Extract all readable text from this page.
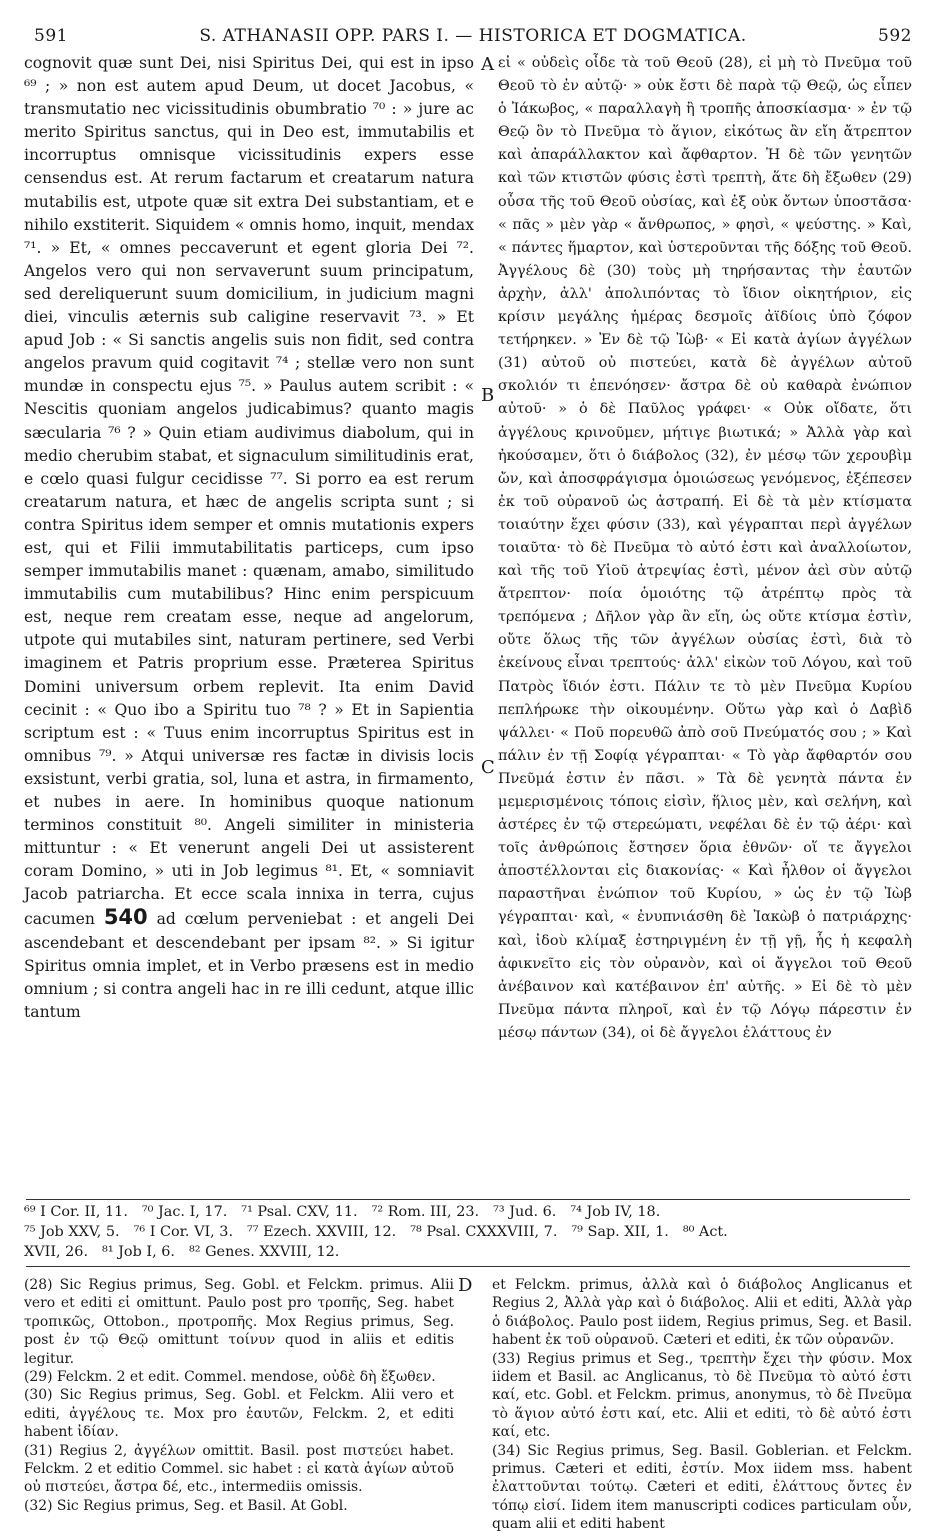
591	S. ATHANASII OPP. PARS I. — HISTORICA ET DOGMATICA.	592

cognovit quæ sunt Dei, nisi Spiritus Dei, qui est in ipso ⁶⁹ ; » non est autem apud Deum, ut docet Jacobus, « transmutatio nec vicissitudinis obumbratio ⁷⁰ : » jure ac merito Spiritus sanctus, qui in Deo est, immutabilis et incorruptus omnisque vicissitudinis expers esse censendus est. At rerum factarum et creatarum natura mutabilis est, utpote quæ sit extra Dei substantiam, et e nihilo exstiterit. Siquidem « omnis homo, inquit, mendax ⁷¹. » Et, « omnes peccaverunt et egent gloria Dei ⁷². Angelos vero qui non servaverunt suum principatum, sed dereliquerunt suum domicilium, in judicium magni diei, vinculis æternis sub caligine reservavit ⁷³. » Et apud Job : « Si sanctis angelis suis non fidit, sed contra angelos pravum quid cogitavit ⁷⁴ ; stellæ vero non sunt mundæ in conspectu ejus ⁷⁵. » Paulus autem scribit : « Nescitis quoniam angelos judicabimus? quanto magis sæcularia ⁷⁶ ? » Quin etiam audivimus diabolum, qui in medio cherubim stabat, et signaculum similitudinis erat, e cœlo quasi fulgur cecidisse ⁷⁷. Si porro ea est rerum creatarum natura, et hæc de angelis scripta sunt ; si contra Spiritus idem semper et omnis mutationis expers est, qui et Filii immutabilitatis particeps, cum ipso semper immutabilis manet : quænam, amabo, similitudo immutabilis cum mutabilibus? Hinc enim perspicuum est, neque rem creatam esse, neque ad angelorum, utpote qui mutabiles sint, naturam pertinere, sed Verbi imaginem et Patris proprium esse. Præterea Spiritus Domini universum orbem replevit. Ita enim David cecinit : « Quo ibo a Spiritu tuo ⁷⁸ ? » Et in Sapientia scriptum est : « Tuus enim incorruptus Spiritus est in omnibus ⁷⁹. » Atqui universæ res factæ in divisis locis exsistunt, verbi gratia, sol, luna et astra, in firmamento, et nubes in aere. In hominibus quoque nationum terminos constituit ⁸⁰. Angeli similiter in ministeria mittuntur : « Et venerunt angeli Dei ut assisterent coram Domino, » uti in Job legimus ⁸¹. Et, « somniavit Jacob patriarcha. Et ecce scala innixa in terra, cujus cacumen 540 ad cœlum perveniebat : et angeli Dei ascendebant et descendebant per ipsam ⁸². » Si igitur Spiritus omnia implet, et in Verbo præsens est in medio omnium ; si contra angeli hac in re illi cedunt, atque illic tantum

A
B
C

εἰ « οὐδεὶς οἶδε τὰ τοῦ Θεοῦ (28), εἰ μὴ τὸ Πνεῦμα τοῦ Θεοῦ τὸ ἐν αὐτῷ· » οὐκ ἔστι δὲ παρὰ τῷ Θεῷ, ὡς εἶπεν ὁ Ἰάκωβος, « παραλλαγὴ ἢ τροπῆς ἀποσκίασμα· » ἐν τῷ Θεῷ ὂν τὸ Πνεῦμα τὸ ἅγιον, εἰκότως ἂν εἴη ἄτρεπτον καὶ ἀπαράλλακτον καὶ ἄφθαρτον. Ἡ δὲ τῶν γενητῶν καὶ τῶν κτιστῶν φύσις ἐστὶ τρεπτὴ, ἅτε δὴ ἔξωθεν (29) οὖσα τῆς τοῦ Θεοῦ οὐσίας, καὶ ἐξ οὐκ ὄντων ὑποστᾶσα· « πᾶς » μὲν γὰρ « ἄνθρωπος, » φησὶ, « ψεύστης. » Καὶ, « πάντες ἥμαρτον, καὶ ὑστεροῦνται τῆς δόξης τοῦ Θεοῦ. Ἀγγέλους δὲ (30) τοὺς μὴ τηρήσαντας τὴν ἑαυτῶν ἀρχὴν, ἀλλ' ἀπολιπόντας τὸ ἴδιον οἰκητήριον, εἰς κρίσιν μεγάλης ἡμέρας δεσμοῖς ἀϊδίοις ὑπὸ ζόφον τετήρηκεν. » Ἐν δὲ τῷ Ἰὼβ· « Εἰ κατὰ ἁγίων ἀγγέλων (31) αὐτοῦ οὐ πιστεύει, κατὰ δὲ ἀγγέλων αὐτοῦ σκολιόν τι ἐπενόησεν· ἄστρα δὲ οὐ καθαρὰ ἐνώπιον αὐτοῦ· » ὁ δὲ Παῦλος γράφει· « Οὐκ οἴδατε, ὅτι ἀγγέλους κρινοῦμεν, μήτιγε βιωτικά; » Ἀλλὰ γὰρ καὶ ἠκούσαμεν, ὅτι ὁ διάβολος (32), ἐν μέσῳ τῶν χερουβὶμ ὤν, καὶ ἀποσφράγισμα ὁμοιώσεως γενόμενος, ἐξέπεσεν ἐκ τοῦ οὐρανοῦ ὡς ἀστραπή. Εἰ δὲ τὰ μὲν κτίσματα τοιαύτην ἔχει φύσιν (33), καὶ γέγραπται περὶ ἀγγέλων τοιαῦτα· τὸ δὲ Πνεῦμα τὸ αὐτό ἐστι καὶ ἀναλλοίωτον, καὶ τῆς τοῦ Υἱοῦ ἀτρεψίας ἐστὶ, μένον ἀεὶ σὺν αὐτῷ ἄτρεπτον· ποία ὁμοιότης τῷ ἀτρέπτῳ πρὸς τὰ τρεπόμενα ; Δῆλον γὰρ ἂν εἴη, ὡς οὔτε κτίσμα ἐστὶν, οὔτε ὅλως τῆς τῶν ἀγγέλων οὐσίας ἐστὶ, διὰ τὸ ἐκείνους εἶναι τρεπτούς· ἀλλ' εἰκὼν τοῦ Λόγου, καὶ τοῦ Πατρὸς ἴδιόν ἐστι. Πάλιν τε τὸ μὲν Πνεῦμα Κυρίου πεπλήρωκε τὴν οἰκουμένην. Οὕτω γὰρ καὶ ὁ Δαβὶδ ψάλλει· « Ποῦ πορευθῶ ἀπὸ σοῦ Πνεύματός σου ; » Καὶ πάλιν ἐν τῇ Σοφίᾳ γέγραπται· « Τὸ γὰρ ἄφθαρτόν σου Πνεῦμά ἐστιν ἐν πᾶσι. » Τὰ δὲ γενητὰ πάντα ἐν μεμερισμένοις τόποις εἰσὶν, ἥλιος μὲν, καὶ σελήνη, καὶ ἀστέρες ἐν τῷ στερεώματι, νεφέλαι δὲ ἐν τῷ ἀέρι· καὶ τοῖς ἀνθρώποις ἔστησεν ὅρια ἐθνῶν· οἵ τε ἄγγελοι ἀποστέλλονται εἰς διακονίας· « Καὶ ἦλθον οἱ ἄγγελοι παραστῆναι ἐνώπιον τοῦ Κυρίου, » ὡς ἐν τῷ Ἰὼβ γέγραπται· καὶ, « ἐνυπνιάσθη δὲ Ἰακὼβ ὁ πατριάρχης· καὶ, ἰδοὺ κλίμαξ ἐστηριγμένη ἐν τῇ γῇ, ἧς ἡ κεφαλὴ ἀφικνεῖτο εἰς τὸν οὐρανὸν, καὶ οἱ ἄγγελοι τοῦ Θεοῦ ἀνέβαινον καὶ κατέβαινον ἐπ' αὐτῆς. » Εἰ δὲ τὸ μὲν Πνεῦμα πάντα πληροῖ, καὶ ἐν τῷ Λόγῳ πάρεστιν ἐν μέσῳ πάντων (34), οἱ δὲ ἄγγελοι ἐλάττους ἐν

⁶⁹ I Cor. II, 11. ⁷⁰ Jac. I, 17. ⁷¹ Psal. CXV, 11. ⁷² Rom. III, 23. ⁷³ Jud. 6. ⁷⁴ Job IV, 18.
⁷⁵ Job XXV, 5. ⁷⁶ I Cor. VI, 3. ⁷⁷ Ezech. XXVIII, 12. ⁷⁸ Psal. CXXXVIII, 7. ⁷⁹ Sap. XII, 1. ⁸⁰ Act.
XVII, 26. ⁸¹ Job I, 6. ⁸² Genes. XXVIII, 12.
D

(28) Sic Regius primus, Seg. Gobl. et Felckm. primus. Alii vero et editi εἰ omittunt. Paulo post pro τροπῆς, Seg. habet τροπικῶς, Ottobon., προτροπῆς. Mox Regius primus, Seg. post ἐν τῷ Θεῷ omittunt τοίνυν quod in aliis et editis legitur.

(29) Felckm. 2 et edit. Commel. mendose, οὐδὲ δὴ ἔξωθεν.

(30) Sic Regius primus, Seg. Gobl. et Felckm. Alii vero et editi, ἀγγέλους τε. Mox pro ἑαυτῶν, Felckm. 2, et editi habent ἰδίαν.

(31) Regius 2, ἀγγέλων omittit. Basil. post πιστεύει habet. Felckm. 2 et editio Commel. sic habet : εἰ κατὰ ἁγίων αὐτοῦ οὐ πιστεύει, ἄστρα δέ, etc., intermediis omissis.

(32) Sic Regius primus, Seg. et Basil. At Gobl.

et Felckm. primus, ἀλλὰ καὶ ὁ διάβολος Anglicanus et Regius 2, Ἀλλὰ γὰρ καὶ ὁ διάβολος. Alii et editi, Ἀλλὰ γὰρ ὁ διάβολος. Paulo post iidem, Regius primus, Seg. et Basil. habent ἐκ τοῦ οὐρανοῦ. Cæteri et editi, ἐκ τῶν οὐρανῶν.

(33) Regius primus et Seg., τρεπτὴν ἔχει τὴν φύσιν. Mox iidem et Basil. ac Anglicanus, τὸ δὲ Πνεῦμα τὸ αὐτό ἐστι καί, etc. Gobl. et Felckm. primus, anonymus, τὸ δὲ Πνεῦμα τὸ ἅγιον αὐτό ἐστι καί, etc. Alii et editi, τὸ δὲ αὐτό ἐστι καί, etc.

(34) Sic Regius primus, Seg. Basil. Goblerian. et Felckm. primus. Cæteri et editi, ἐστίν. Mox iidem mss. habent ἐλαττοῦνται τούτῳ. Cæteri et editi, ἐλάττους ὄντες ἐν τόπῳ εἰσί. Iidem item manuscripti codices particulam οὖν, quam alii et editi habent
